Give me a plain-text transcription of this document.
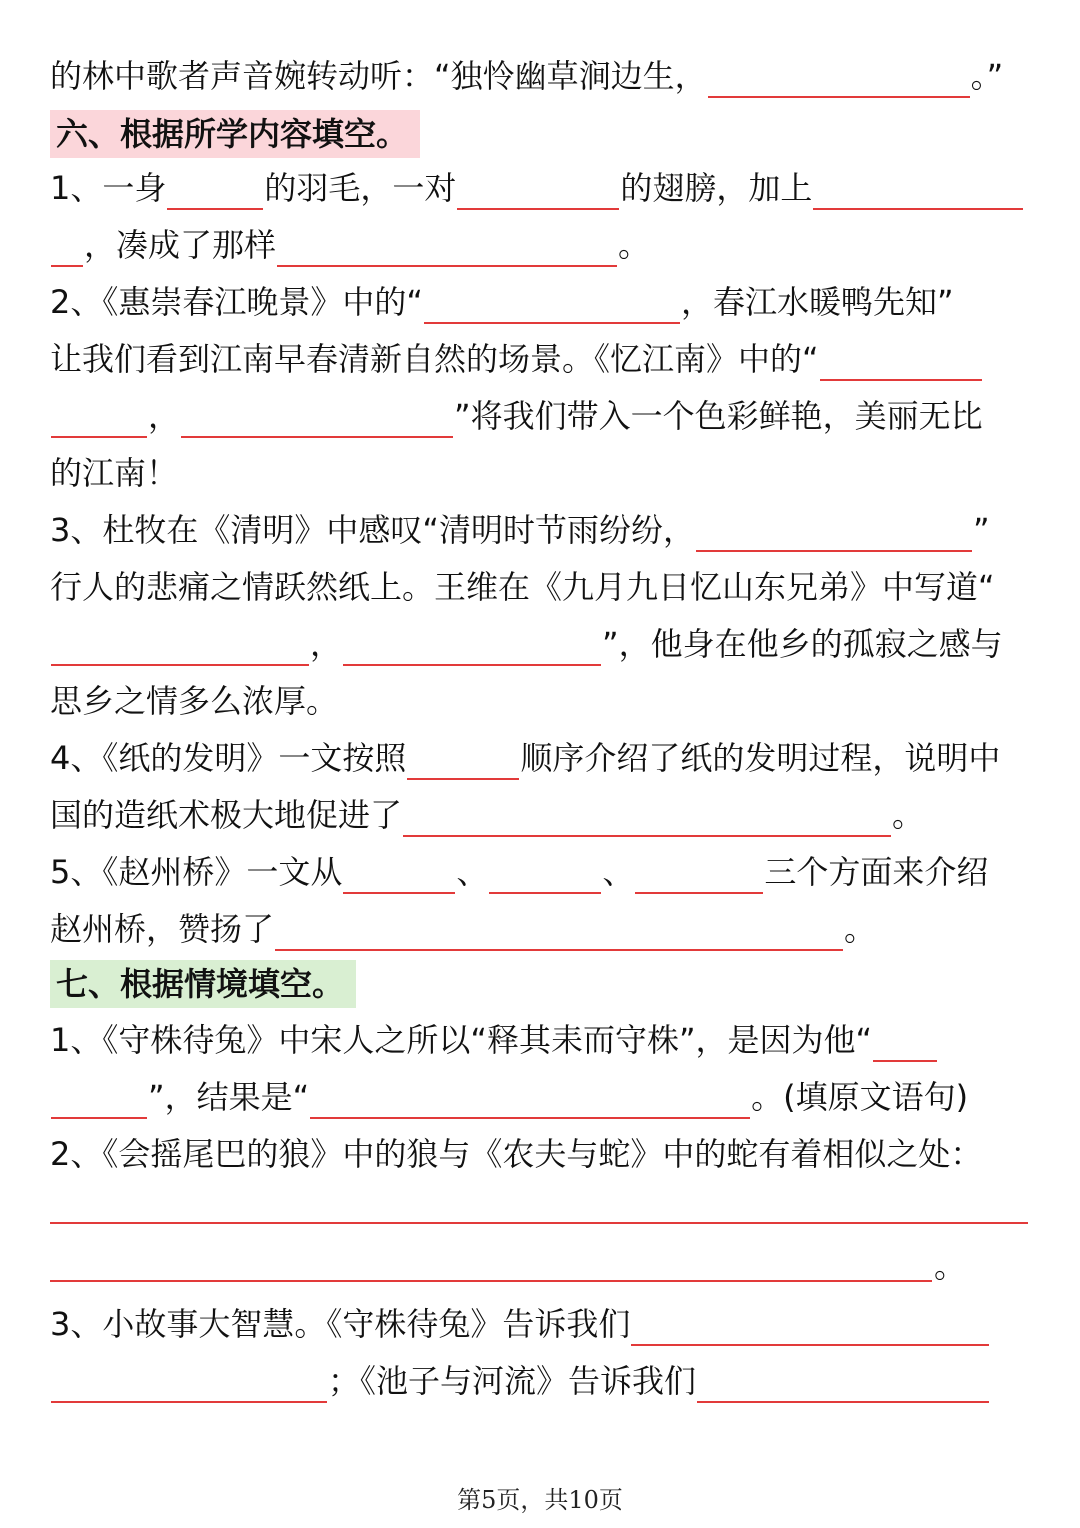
的林中歌者声音婉转动听：“独怜幽草涧边生，	。”
六、根据所学内容填空。
1、一身	的羽毛，一对	的翅膀，加上
，凑成了那样	。
2、《惠崇春江晚景》中的“	，春江水暖鸭先知”
让我们看到江南早春清新自然的场景。《忆江南》中的“
，	”将我们带入一个色彩鲜艳，美丽无比
的江南！
3、杜牧在《清明》中感叹“清明时节雨纷纷，	”
行人的悲痛之情跃然纸上。王维在《九月九日忆山东兄弟》中写道“
，	”，他身在他乡的孤寂之感与
思乡之情多么浓厚。
4、《纸的发明》一文按照	顺序介绍了纸的发明过程，说明中
国的造纸术极大地促进了	。
5、《赵州桥》一文从	、	、	三个方面来介绍
赵州桥，赞扬了	。
七、根据情境填空。
1、《守株待兔》中宋人之所以“释其耒而守株”，是因为他“
”，结果是“	。(填原文语句)
2、《会摇尾巴的狼》中的狼与《农夫与蛇》中的蛇有着相似之处：
。
3、小故事大智慧。《守株待兔》告诉我们
；《池子与河流》告诉我们
第5页，共10页
